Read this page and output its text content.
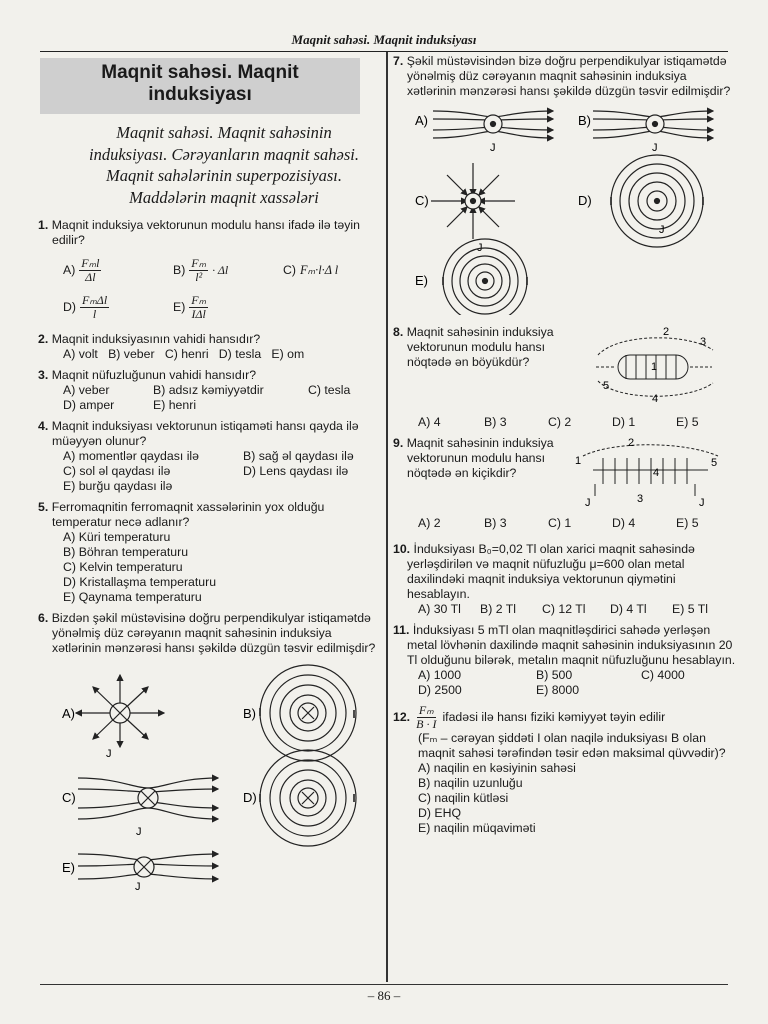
Maqnit sahəsi. Maqnit induksiyası
– 86 –
Maqnit sahəsi. Maqnit
induksiyası
Maqnit sahəsi. Maqnit sahəsinin induksiyası. Cərəyanların maqnit sahəsi. Maqnit sahələrinin superpozisiyası. Maddələrin maqnit xassələri
1. Maqnit induksiya vektorunun modulu hansı ifadə ilə təyin edilir?
$A) \frac{\text{Fₘl}}{\Delta l}$	$B) \frac{\text{Fₘ}}{\text{l²}} \cdot \Delta l$	C) Fₘ·l·Δ l
$D) \frac{\text{FₘΔl}}{l}$	$E) \frac{\text{Fₘ}}{\text{IΔl}}$
2. Maqnit induksiyasının vahidi hansıdır?
A) volt   B) veber   C) henri   D) tesla   E) om
3. Maqnit nüfuzluğunun vahidi hansıdır?
A) veber	B) adsız kəmiyyətdir	C) tesla
D) amper	E) henri
4. Maqnit induksiyası vektorunun istiqaməti hansı qayda ilə müəyyən olunur?
A) momentlər qaydası ilə	B) sağ əl qaydası ilə
C) sol əl qaydası ilə	D) Lens qaydası ilə
E) burğu qaydası ilə
5. Ferromaqnitin ferromaqnit xassələrinin yox olduğu temperatur necə adlanır?
A) Küri temperaturu
B) Böhran temperaturu
C) Kelvin temperaturu
D) Kristallaşma temperaturu
E) Qaynama temperaturu
6. Bizdən şəkil müstəvisinə doğru perpendikulyar istiqamətdə yönəlmiş düz cərəyanın maqnit sahəsinin induksiya xətlərinin mənzərəsi hansı şəkildə düzgün təsvir edilmişdir?
A)
J
B)
C)
J
D)
E)
J
7. Şəkil müstəvisindən bizə doğru perpendikulyar istiqamətdə yönəlmiş düz cərəyanın maqnit sahəsinin induksiya xətlərinin mənzərəsi hansı şəkildə düzgün təsvir edilmişdir?
A)
J
B)
J
C)
J
D)
J
E)
8. Maqnit sahəsinin induksiya vektorunun modulu hansı nöqtədə ən böyükdür?
2
3
1
4
5
A) 4	B) 3	C) 2	D) 1	E) 5
9. Maqnit sahəsinin induksiya vektorunun modulu hansı nöqtədə ən kiçikdir?
2
1
4
5
3
J	J
A) 2	B) 3	C) 1	D) 4	E) 5
10. İnduksiyası B₀=0,02 Tl olan xarici maqnit sahəsində yerləşdirilən və maqnit nüfuzluğu μ=600 olan metal daxilindəki maqnit induksiya vektorunun qiymətini hesablayın.
A) 30 Tl	B) 2 Tl	C) 12 Tl	D) 4 Tl	E) 5 Tl
11. İnduksiyası 5 mTl olan maqnitləşdirici sahədə yerləşən metal lövhənin daxilində maqnit sahəsinin induksiyasının 20 Tl olduğunu bilərək, metalın maqnit nüfuzluğunu hesablayın.
A) 1000	B) 500	C) 4000
D) 2500	E) 8000
12. $\frac{\text{Fₘ}}{B \cdot I}$ ifadəsi ilə hansı fiziki kəmiyyət təyin edilir
(Fₘ – cərəyan şiddəti I olan naqilə induksiyası B olan maqnit sahəsi tərəfindən təsir edən maksimal qüvvədir)?
A) naqilin en kəsiyinin sahəsi
B) naqilin uzunluğu
C) naqilin kütləsi
D) EHQ
E) naqilin müqaviməti
